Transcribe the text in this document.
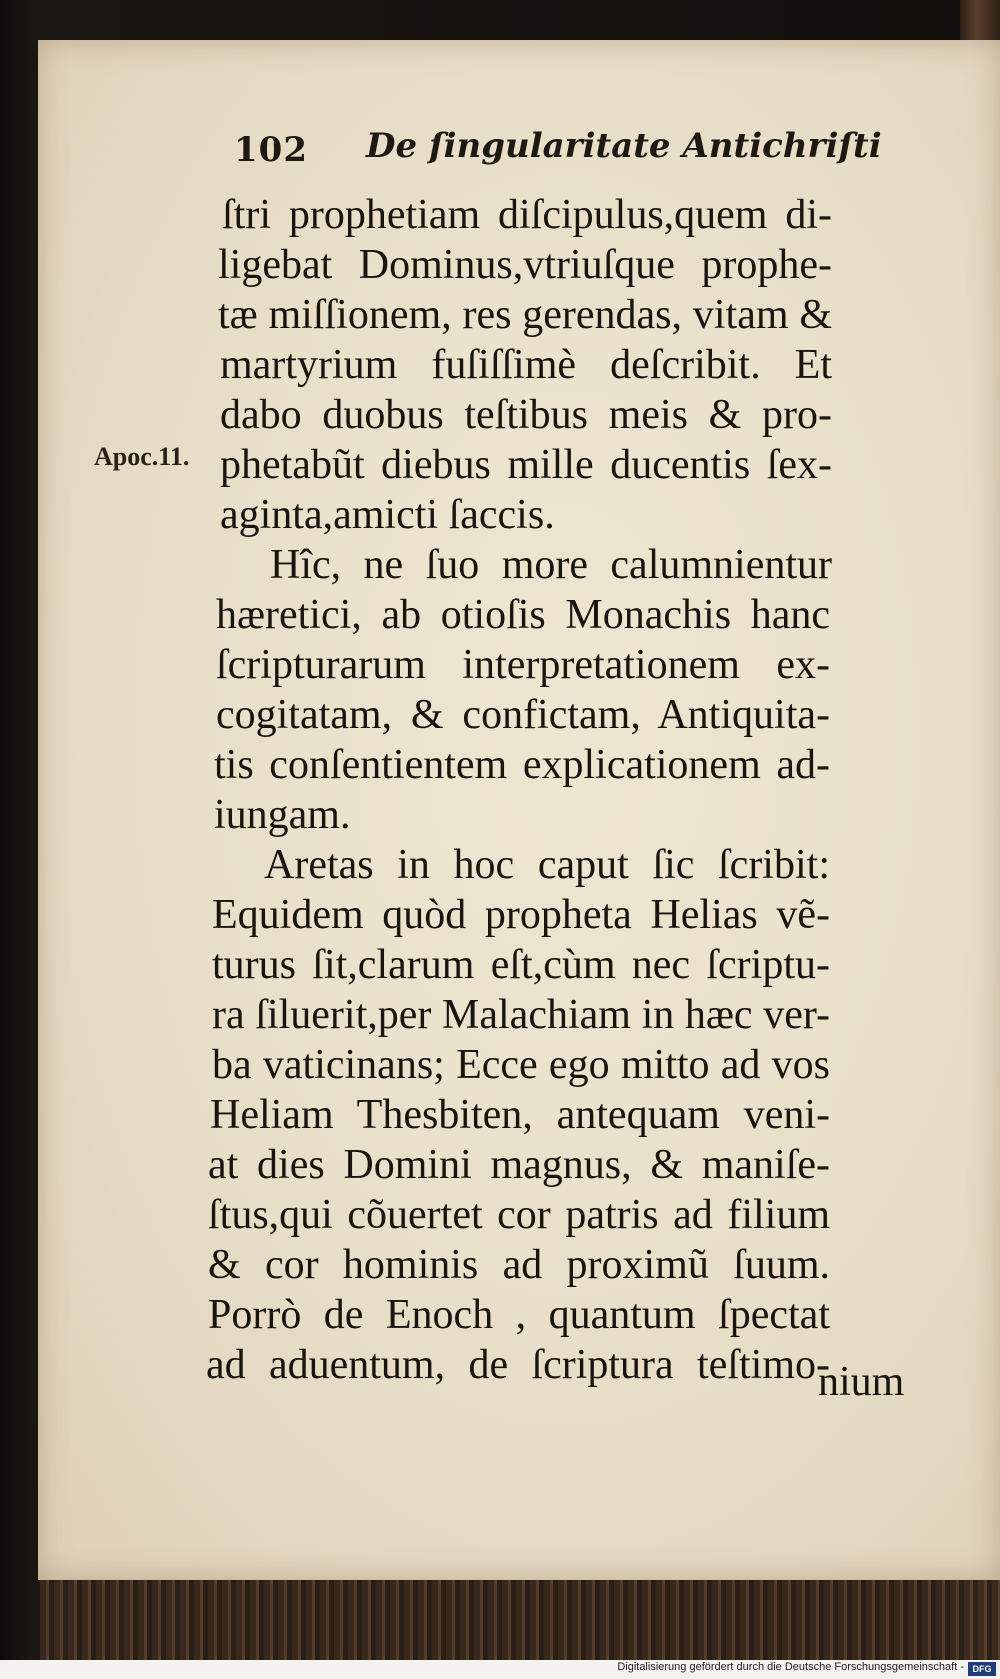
102 De ſingularitate Antichriſti
Apoc.11.
ſtri prophetiam diſcipulus,quem di-
ligebat Dominus,vtriuſque prophe-
tæ miſſionem, res gerendas, vitam &
martyrium fuſiſſimè deſcribit. Et
dabo duobus teſtibus meis & pro-
phetabũt diebus mille ducentis ſex-
aginta,amicti ſaccis.
Hîc, ne ſuo more calumnientur
hæretici, ab otioſis Monachis hanc
ſcripturarum interpretationem ex-
cogitatam, & confictam, Antiquita-
tis conſentientem explicationem ad-
iungam.
Aretas in hoc caput ſic ſcribit:
Equidem quòd propheta Helias vẽ-
turus ſit,clarum eſt,cùm nec ſcriptu-
ra ſiluerit,per Malachiam in hæc ver-
ba vaticinans; Ecce ego mitto ad vos
Heliam Thesbiten, antequam veni-
at dies Domini magnus, & maniſe-
ſtus,qui cõuertet cor patris ad filium
& cor hominis ad proximũ ſuum.
Porrò de Enoch , quantum ſpectat
ad aduentum, de ſcriptura teſtimo-
nium
Digitalisierung gefördert durch die Deutsche Forschungsgemeinschaft - DFG
